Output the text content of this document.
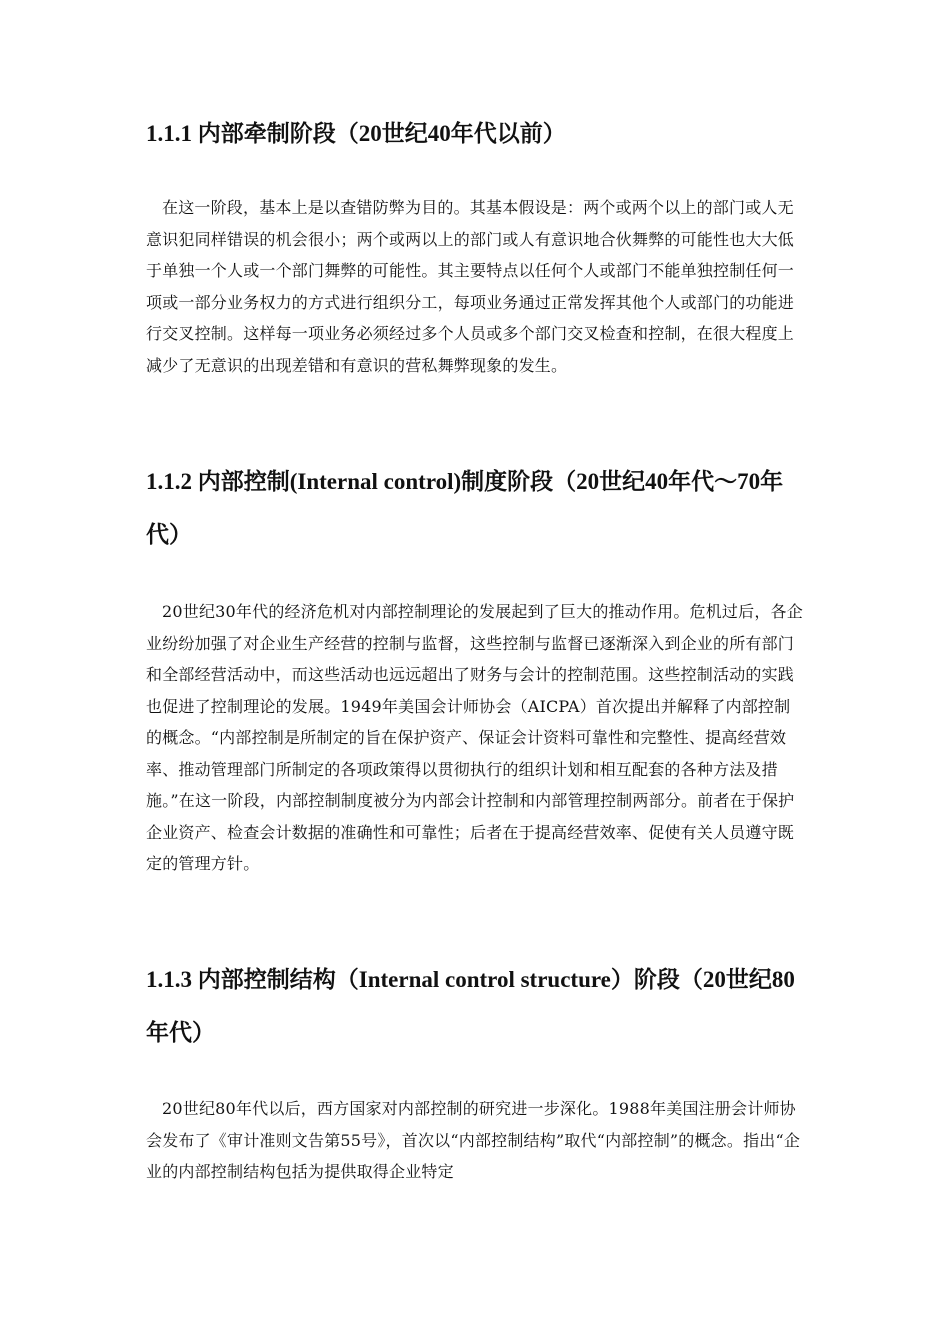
1.1.1 内部牵制阶段（20世纪40年代以前）

在这一阶段，基本上是以查错防弊为目的。其基本假设是：两个或两个以上的部门或人无意识犯同样错误的机会很小；两个或两以上的部门或人有意识地合伙舞弊的可能性也大大低于单独一个人或一个部门舞弊的可能性。其主要特点以任何个人或部门不能单独控制任何一项或一部分业务权力的方式进行组织分工，每项业务通过正常发挥其他个人或部门的功能进行交叉控制。这样每一项业务必须经过多个人员或多个部门交叉检查和控制，在很大程度上减少了无意识的出现差错和有意识的营私舞弊现象的发生。

1.1.2 内部控制(Internal control)制度阶段（20世纪40年代～70年代）

20世纪30年代的经济危机对内部控制理论的发展起到了巨大的推动作用。危机过后，各企业纷纷加强了对企业生产经营的控制与监督，这些控制与监督已逐渐深入到企业的所有部门和全部经营活动中，而这些活动也远远超出了财务与会计的控制范围。这些控制活动的实践也促进了控制理论的发展。1949年美国会计师协会（AICPA）首次提出并解释了内部控制的概念。“内部控制是所制定的旨在保护资产、保证会计资料可靠性和完整性、提高经营效率、推动管理部门所制定的各项政策得以贯彻执行的组织计划和相互配套的各种方法及措施。”在这一阶段，内部控制制度被分为内部会计控制和内部管理控制两部分。前者在于保护企业资产、检查会计数据的准确性和可靠性；后者在于提高经营效率、促使有关人员遵守既定的管理方针。

1.1.3 内部控制结构（Internal control structure）阶段（20世纪80年代）

20世纪80年代以后，西方国家对内部控制的研究进一步深化。1988年美国注册会计师协会发布了《审计准则文告第55号》，首次以“内部控制结构”取代“内部控制”的概念。指出“企业的内部控制结构包括为提供取得企业特定
